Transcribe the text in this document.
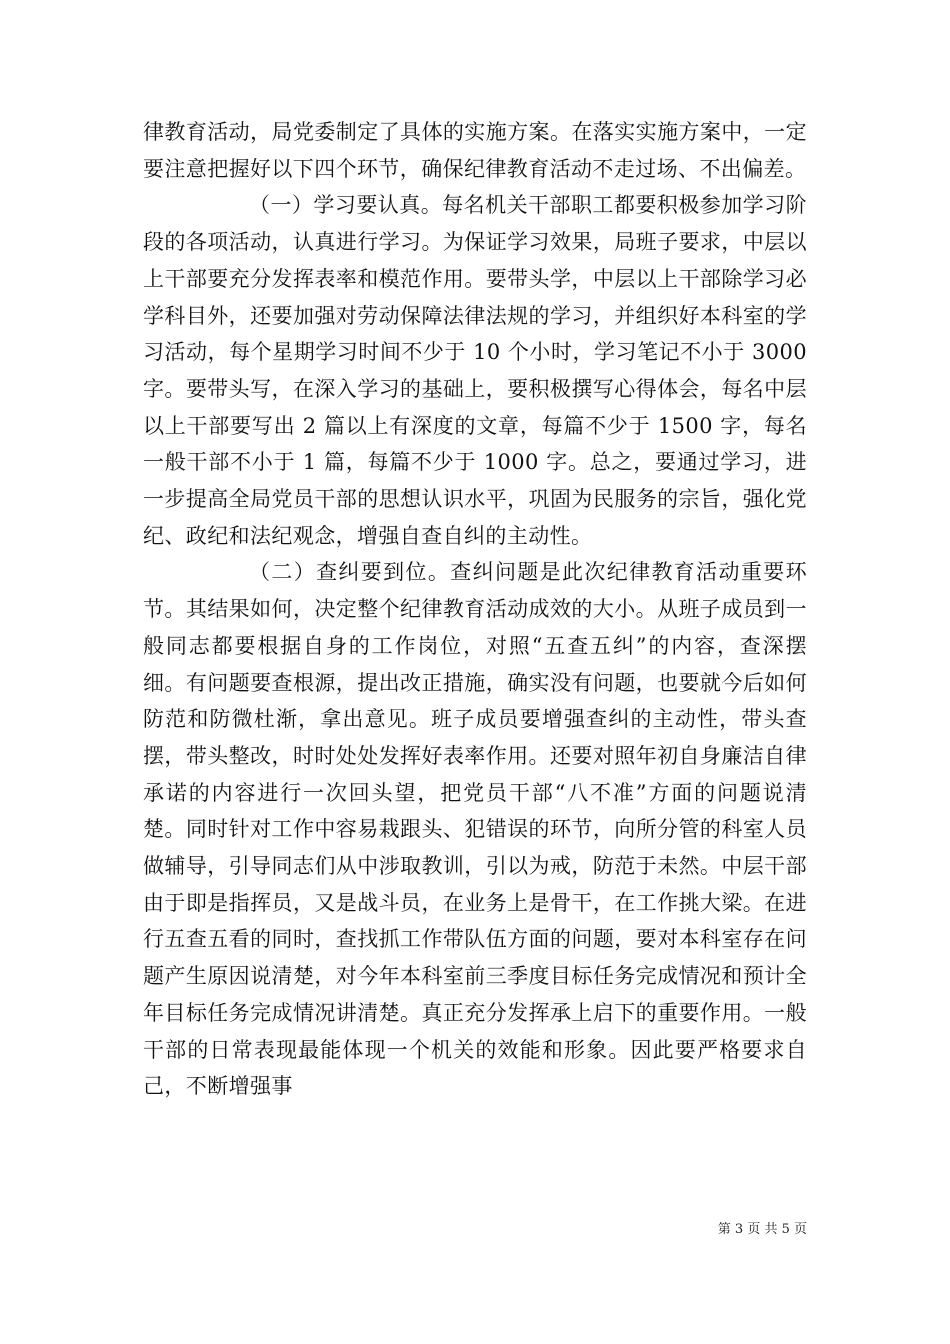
律教育活动，局党委制定了具体的实施方案。在落实实施方案中，一定要注意把握好以下四个环节，确保纪律教育活动不走过场、不出偏差。

（一）学习要认真。每名机关干部职工都要积极参加学习阶段的各项活动，认真进行学习。为保证学习效果，局班子要求，中层以上干部要充分发挥表率和模范作用。要带头学，中层以上干部除学习必学科目外，还要加强对劳动保障法律法规的学习，并组织好本科室的学习活动，每个星期学习时间不少于 10 个小时，学习笔记不小于 3000 字。要带头写，在深入学习的基础上，要积极撰写心得体会，每名中层以上干部要写出 2 篇以上有深度的文章，每篇不少于 1500 字，每名一般干部不小于 1 篇，每篇不少于 1000 字。总之，要通过学习，进一步提高全局党员干部的思想认识水平，巩固为民服务的宗旨，强化党纪、政纪和法纪观念，增强自查自纠的主动性。

（二）查纠要到位。查纠问题是此次纪律教育活动重要环节。其结果如何，决定整个纪律教育活动成效的大小。从班子成员到一般同志都要根据自身的工作岗位，对照“五查五纠”的内容，查深摆细。有问题要查根源，提出改正措施，确实没有问题，也要就今后如何防范和防微杜渐，拿出意见。班子成员要增强查纠的主动性，带头查摆，带头整改，时时处处发挥好表率作用。还要对照年初自身廉洁自律承诺的内容进行一次回头望，把党员干部“八不准”方面的问题说清楚。同时针对工作中容易栽跟头、犯错误的环节，向所分管的科室人员做辅导，引导同志们从中涉取教训，引以为戒，防范于未然。中层干部由于即是指挥员，又是战斗员，在业务上是骨干，在工作挑大梁。在进行五查五看的同时，查找抓工作带队伍方面的问题，要对本科室存在问题产生原因说清楚，对今年本科室前三季度目标任务完成情况和预计全年目标任务完成情况讲清楚。真正充分发挥承上启下的重要作用。一般干部的日常表现最能体现一个机关的效能和形象。因此要严格要求自己，不断增强事

第 3 页 共 5 页
